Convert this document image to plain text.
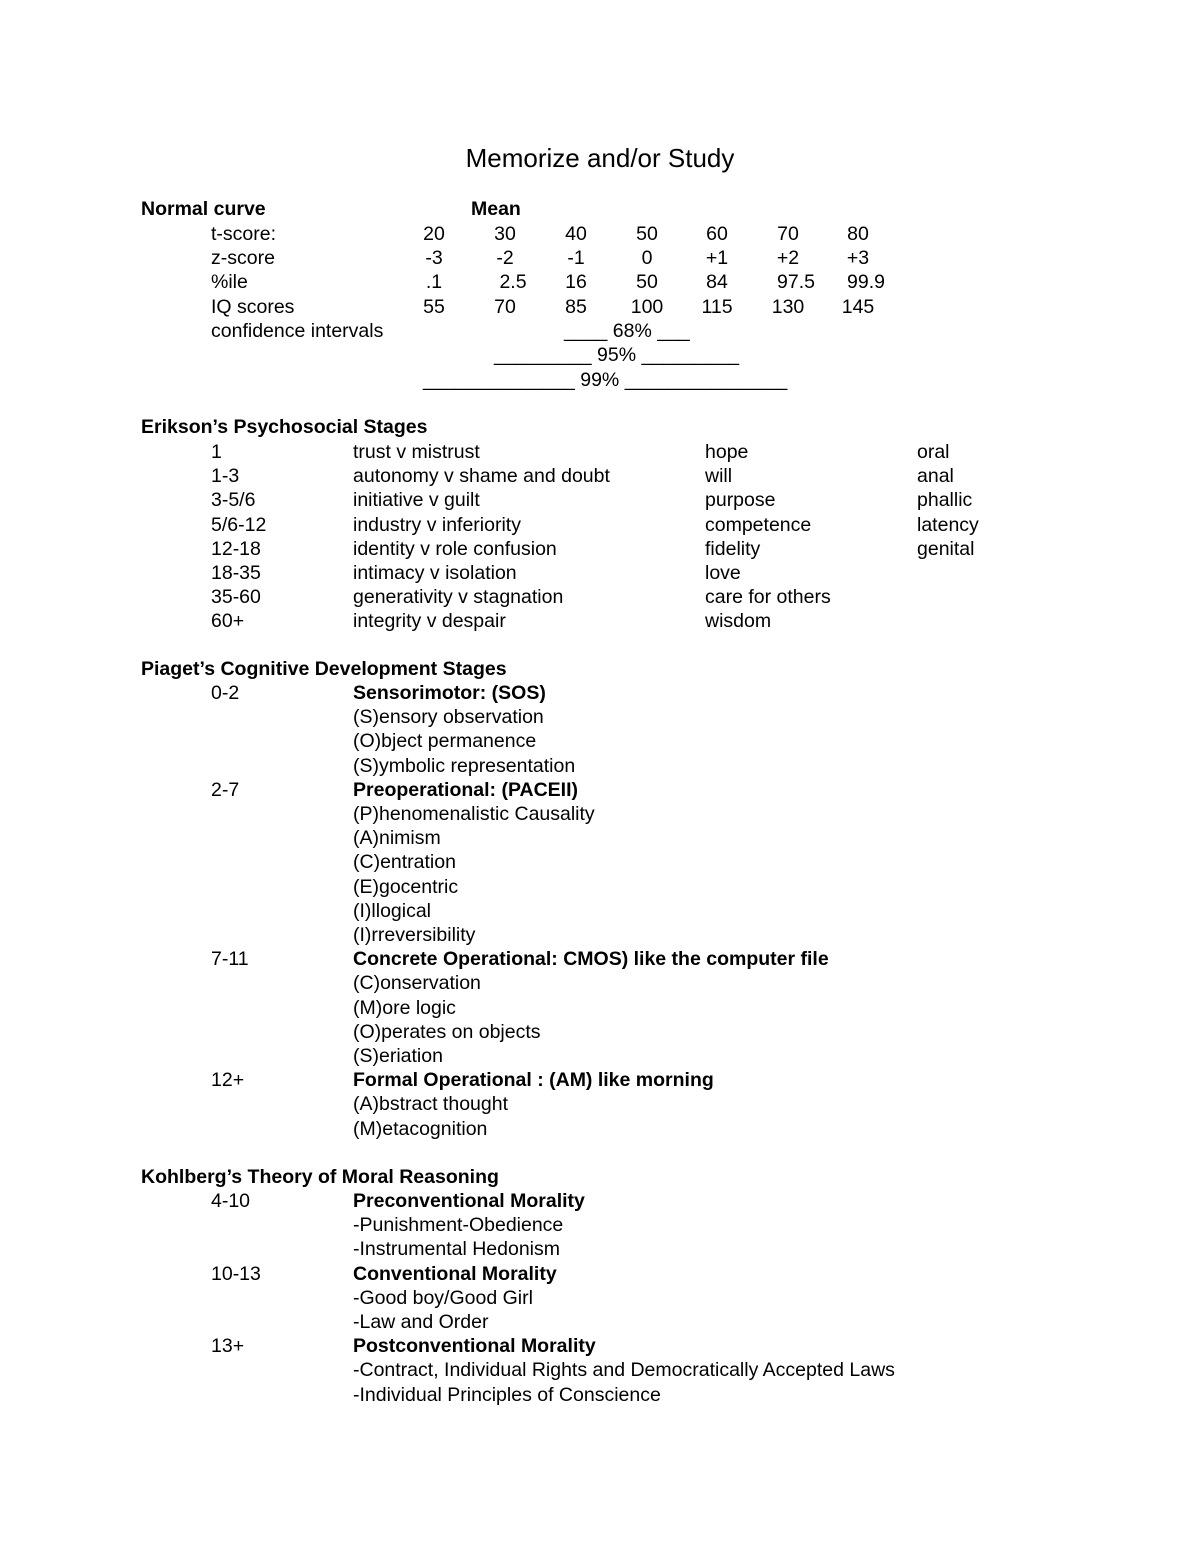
Memorize and/or Study
Normal curve	Mean
t-score:	20	30	40	50	60	70	80
z-score	-3	-2	-1	0	+1	+2	+3
%ile	.1	2.5	16	50	84	97.5	99.9
IQ scores	55	70	85	100	115	130	145
confidence intervals	____ 68% ___
_________ 95% _________
______________ 99% _______________
Erikson’s Psychosocial Stages
1	trust v mistrust	hope	oral
1-3	autonomy v shame and doubt	will	anal
3-5/6	initiative v guilt	purpose	phallic
5/6-12	industry v inferiority	competence	latency
12-18	identity v role confusion	fidelity	genital
18-35	intimacy v isolation	love
35-60	generativity v stagnation	care for others
60+	integrity v despair	wisdom
Piaget’s Cognitive Development Stages
0-2	Sensorimotor: (SOS)
(S)ensory observation
(O)bject permanence
(S)ymbolic representation
2-7	Preoperational: (PACEII)
(P)henomenalistic Causality
(A)nimism
(C)entration
(E)gocentric
(I)llogical
(I)rreversibility
7-11	Concrete Operational: CMOS) like the computer file
(C)onservation
(M)ore logic
(O)perates on objects
(S)eriation
12+	Formal Operational : (AM) like morning
(A)bstract thought
(M)etacognition
Kohlberg’s Theory of Moral Reasoning
4-10	Preconventional Morality
-Punishment-Obedience
-Instrumental Hedonism
10-13	Conventional Morality
-Good boy/Good Girl
-Law and Order
13+	Postconventional Morality
-Contract, Individual Rights and Democratically Accepted Laws
-Individual Principles of Conscience
